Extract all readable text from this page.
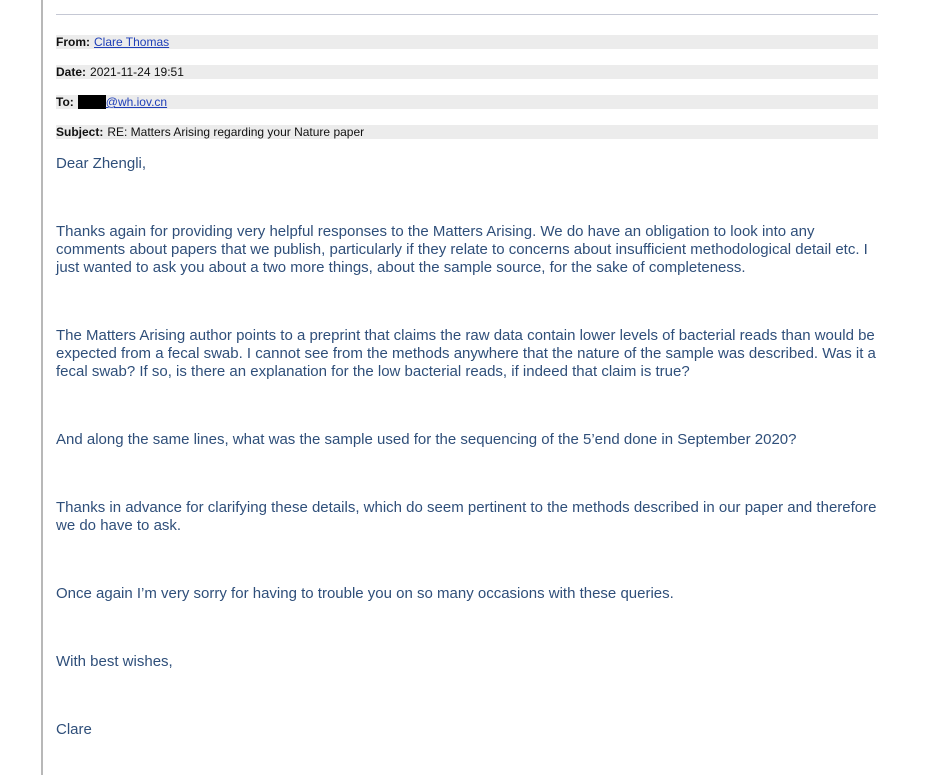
From: Clare Thomas
Date: 2021-11-24 19:51
To:	@wh.iov.cn
Subject: RE: Matters Arising regarding your Nature paper

Dear Zhengli,

Thanks again for providing very helpful responses to the Matters Arising. We do have an obligation to look into any comments about papers that we publish, particularly if they relate to concerns about insufficient methodological detail etc. I just wanted to ask you about a two more things, about the sample source, for the sake of completeness.

The Matters Arising author points to a preprint that claims the raw data contain lower levels of bacterial reads than would be expected from a fecal swab. I cannot see from the methods anywhere that the nature of the sample was described. Was it a fecal swab? If so, is there an explanation for the low bacterial reads, if indeed that claim is true?

And along the same lines, what was the sample used for the sequencing of the 5’end done in September 2020?

Thanks in advance for clarifying these details, which do seem pertinent to the methods described in our paper and therefore we do have to ask.

Once again I’m very sorry for having to trouble you on so many occasions with these queries.

With best wishes,

Clare
